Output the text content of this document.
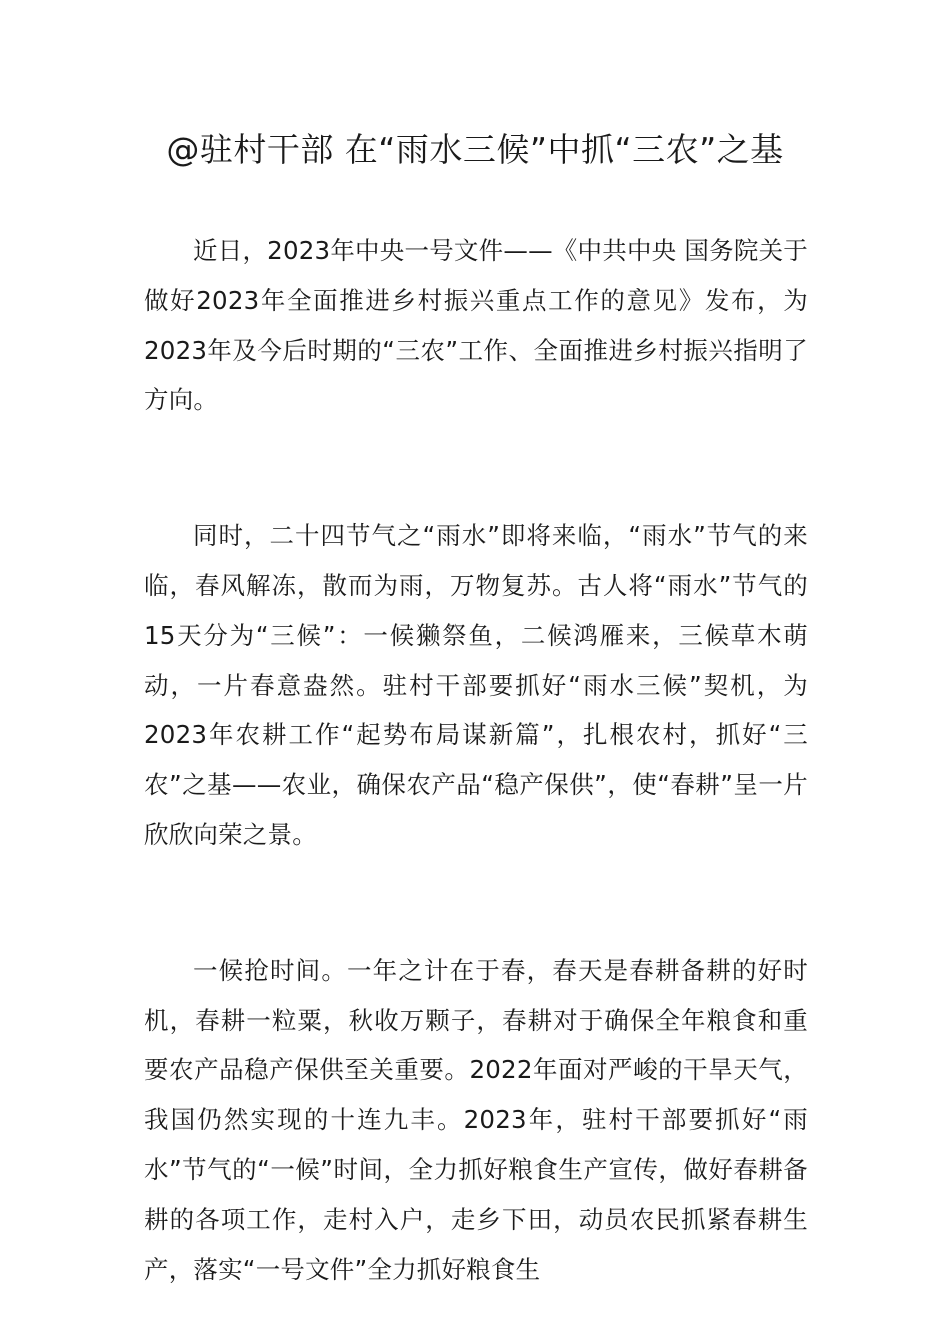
@驻村干部 在“雨水三候”中抓“三农”之基

近日，2023年中央一号文件——《中共中央 国务院关于做好2023年全面推进乡村振兴重点工作的意见》发布，为2023年及今后时期的“三农”工作、全面推进乡村振兴指明了方向。

同时，二十四节气之“雨水”即将来临，“雨水”节气的来临，春风解冻，散而为雨，万物复苏。古人将“雨水”节气的15天分为“三候”：一候獭祭鱼，二候鸿雁来，三候草木萌动，一片春意盎然。驻村干部要抓好“雨水三候”契机，为2023年农耕工作“起势布局谋新篇”，扎根农村，抓好“三农”之基——农业，确保农产品“稳产保供”，使“春耕”呈一片欣欣向荣之景。

一候抢时间。一年之计在于春，春天是春耕备耕的好时机，春耕一粒粟，秋收万颗子，春耕对于确保全年粮食和重要农产品稳产保供至关重要。2022年面对严峻的干旱天气，我国仍然实现的十连九丰。2023年，驻村干部要抓好“雨水”节气的“一候”时间，全力抓好粮食生产宣传，做好春耕备耕的各项工作，走村入户，走乡下田，动员农民抓紧春耕生产，落实“一号文件”全力抓好粮食生
